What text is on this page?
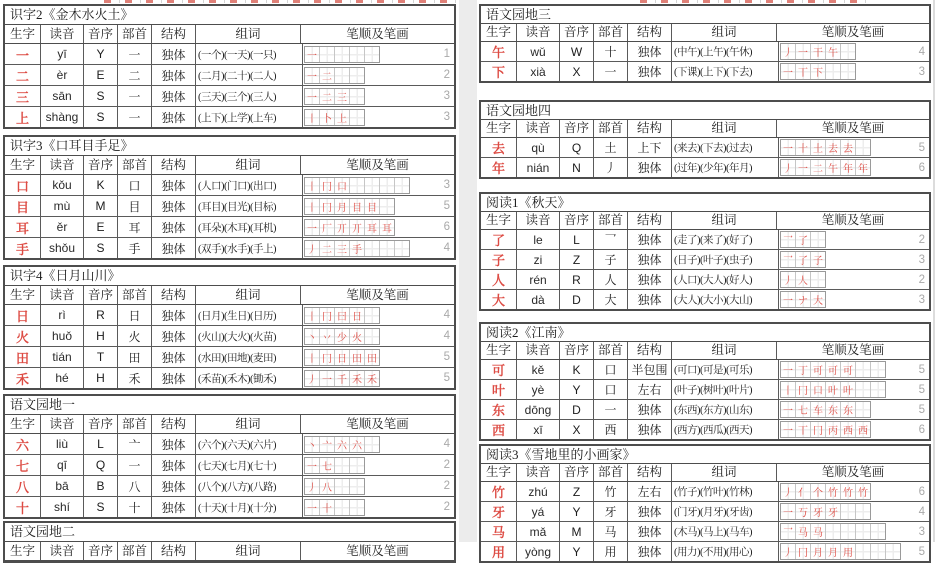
识字2《金木水火土》
生字	读音	音序 部首	结构	组词	笔顺及笔画
一	yī	Y	一	独体	(一个)(一天)(一只)	一	1
二	èr	E	二	独体	(二月)(二十)(二人)	一 二	2
三	sān	S	一	独体	(三天)(三个)(三人)	一 二 三	3
上	shàng	S	一	独体	(上下)(上学)(上车)	丨 卜 上	3
识字3《口耳目手足》
生字	读音	音序 部首	结构	组词	笔顺及笔画
口	kǒu	K	口	独体	(人口)(门口)(出口)	丨 冂 口	3
目	mù	M	目	独体	(耳目)(目光)(目标)	丨 冂 月 目 目	5
耳	ěr	E	耳	独体	(耳朵)(木耳)(耳机)	一 厂 丌 丌 耳 耳	6
手	shǒu	S	手	独体	(双手)(水手)(手上)	丿 二 三 手	4
识字4《日月山川》
生字	读音	音序 部首	结构	组词	笔顺及笔画
日	rì	R	日	独体	(日月)(生日)(日历)	丨 冂 曰 日	4
火	huǒ	H	火	独体	(火山)(大火)(火苗)	丶 丷 少 火	4
田	tián	T	田	独体	(水田)(田地)(麦田)	丨 冂 日 田 田	5
禾	hé	H	禾	独体	(禾苗)(禾木)(锄禾)	丿 一 千 禾 禾	5
语文园地一
生字	读音	音序 部首	结构	组词	笔顺及笔画
六	liù	L	亠	独体	(六个)(六天)(六片)	丶 亠 六 六	4
七	qī	Q	一	独体	(七天)(七月)(七十)	一 七	2
八	bā	B	八	独体	(八个)(八方)(八路)	丿 八	2
十	shí	S	十	独体	(十天)(十月)(十分)	一 十	2
语文园地二
生字	读音	音序 部首	结构	组词	笔顺及笔画
语文园地三
生字	读音	音序 部首	结构	组词	笔顺及笔画
午	wǔ	W	十	独体	(中午)(上午)(午休)	丿 一 干 午	4
下	xià	X	一	独体	(下课)(上下)(下去)	一 丅 下	3
语文园地四
生字	读音	音序 部首	结构	组词	笔顺及笔画
去	qù	Q	土	上下	(来去)(下去)(过去)	一 十 土 去 去	5
年	nián	N	丿	独体	(过年)(少年)(年月)	丿 一 二 午 年 年	6
阅读1《秋天》
生字	读音	音序 部首	结构	组词	笔顺及笔画
了	le	L	乛	独体	(走了)(来了)(好了)	乛 了	2
子	zi	Z	子	独体	(日子)(叶子)(虫子)	乛 了 子	3
人	rén	R	人	独体	(人口)(大人)(好人)	丿 人	2
大	dà	D	大	独体	(大人)(大小)(大山)	一 ナ 大	3
阅读2《江南》
生字	读音	音序 部首	结构	组词	笔顺及笔画
可	kě	K	口	半包围 (可口)(可是)(可乐)	一 丁 可 可 可	5
叶	yè	Y	口	左右	(叶子)(树叶)(叶片)	丨 冂 口 叶 叶	5
东	dōng	D	一	独体	(东西)(东方)(山东)	一 七 车 东 东	5
西	xī	X	西	独体	(西方)(西瓜)(西天)	一 丅 冂 丙 西 西	6
阅读3《雪地里的小画家》
生字	读音	音序 部首	结构	组词	笔顺及笔画
竹	zhú	Z	竹	左右	(竹子)(竹叶)(竹林)	丿 亻 个 竹 竹 竹	6
牙	yá	Y	牙	独体	(门牙)(月牙)(牙齿)	一 丂 牙 牙	4
马	mǎ	M	马	独体	(木马)(马上)(马车)	乛 马 马	3
用	yòng	Y	用	独体	(用力)(不用)(用心)	丿 冂 月 月 用	5
